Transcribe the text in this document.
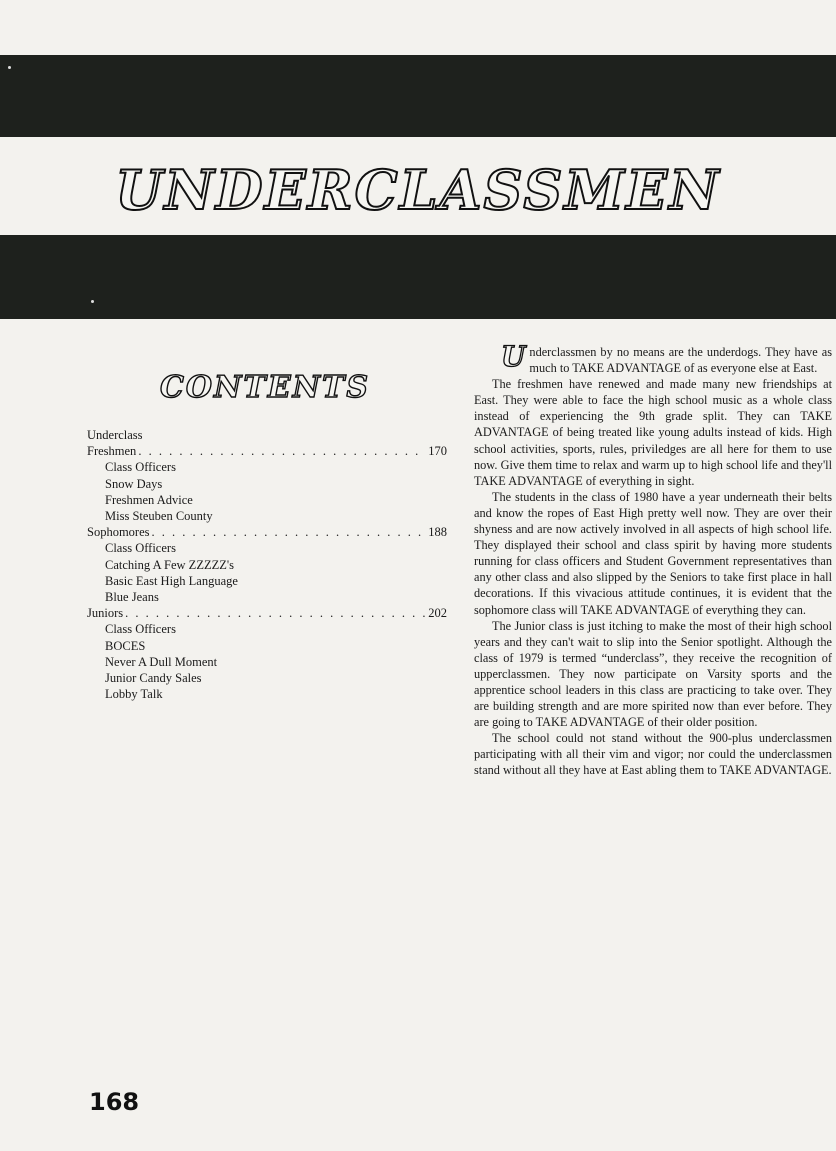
UNDERCLASSMEN
CONTENTS
Underclass
Freshmen . . .	170
Class Officers
Snow Days
Freshmen Advice
Miss Steuben County
Sophomores . . .	188
Class Officers
Catching A Few ZZZZZ's
Basic East High Language
Blue Jeans
Juniors . . .	202
Class Officers
BOCES
Never A Dull Moment
Junior Candy Sales
Lobby Talk

Underclassmen by no means are the underdogs. They have as much to TAKE ADVANTAGE of as everyone else at East.

The freshmen have renewed and made many new friendships at East. They were able to face the high school music as a whole class instead of experiencing the 9th grade split. They can TAKE ADVANTAGE of being treated like young adults instead of kids. High school activities, sports, rules, priviledges are all here for them to use now. Give them time to relax and warm up to high school life and they'll TAKE ADVANTAGE of everything in sight.

The students in the class of 1980 have a year underneath their belts and know the ropes of East High pretty well now. They are over their shyness and are now actively involved in all aspects of high school life. They displayed their school and class spirit by having more students running for class officers and Student Government representatives than any other class and also slipped by the Seniors to take first place in hall decorations. If this vivacious attitude continues, it is evident that the sophomore class will TAKE ADVANTAGE of everything they can.

The Junior class is just itching to make the most of their high school years and they can't wait to slip into the Senior spotlight. Although the class of 1979 is termed “underclass”, they receive the recognition of upperclassmen. They now participate on Varsity sports and the apprentice school leaders in this class are practicing to take over. They are building strength and are more spirited now than ever before. They are going to TAKE ADVANTAGE of their older position.

The school could not stand without the 900-plus underclassmen participating with all their vim and vigor; nor could the underclassmen stand without all they have at East abling them to TAKE ADVANTAGE.

168
